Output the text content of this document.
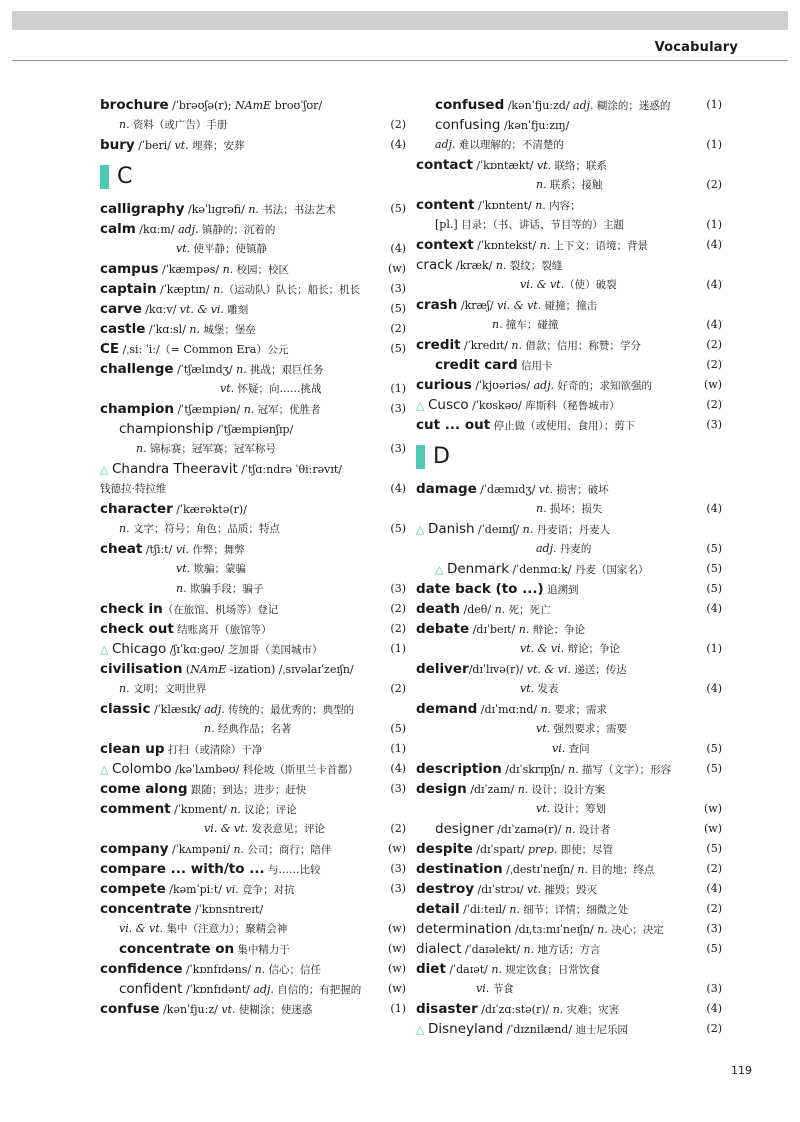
Vocabulary
brochure /ˈbrəʊʃə(r); NAmE broʊˈʃʊr/
n. 资料（或广告）手册	(2)
bury /ˈberi/ vt. 埋葬；安葬	(4)
C
calligraphy /kəˈlɪɡrəfi/ n. 书法；书法艺术	(5)
calm /kɑːm/ adj. 镇静的；沉着的
vt. 使平静；使镇静	(4)
campus /ˈkæmpəs/ n. 校园；校区	(w)
captain /ˈkæptɪn/ n.（运动队）队长；船长；机长	(3)
carve /kɑːv/ vt. & vi. 雕刻	(5)
castle /ˈkɑːsl/ n. 城堡；堡垒	(2)
CE /ˌsiː ˈiː/（= Common Era）公元	(5)
challenge /ˈtʃælɪndʒ/ n. 挑战；艰巨任务
vt. 怀疑；向……挑战	(1)
champion /ˈtʃæmpiən/ n. 冠军；优胜者	(3)
championship /ˈtʃæmpiənʃɪp/
n. 锦标赛；冠军赛；冠军称号	(3)
△ Chandra Theeravit /ˈtʃɑːndrə ˈθiːrəvɪt/
钱德拉·特拉维	(4)
character /ˈkærəktə(r)/
n. 文字；符号；角色；品质；特点	(5)
cheat /tʃiːt/ vi. 作弊；舞弊
vt. 欺骗；蒙骗
n. 欺骗手段；骗子	(3)
check in（在旅馆、机场等）登记	(2)
check out 结账离开（旅馆等）	(2)
△ Chicago /ʃɪˈkɑːɡəʊ/ 芝加哥（美国城市）	(1)
civilisation (NAmE -ization) /ˌsɪvəlaɪˈzeɪʃn/
n. 文明；文明世界	(2)
classic /ˈklæsɪk/ adj. 传统的；最优秀的；典型的
n. 经典作品；名著	(5)
clean up 打扫（或清除）干净	(1)
△ Colombo /kəˈlʌmbəʊ/ 科伦坡（斯里兰卡首都）	(4)
come along 跟随；到达；进步；赶快	(3)
comment /ˈkɒment/ n. 议论；评论
vi. & vt. 发表意见；评论	(2)
company /ˈkʌmpəni/ n. 公司；商行；陪伴	(w)
compare ... with/to ... 与……比较	(3)
compete /kəmˈpiːt/ vi. 竞争；对抗	(3)
concentrate /ˈkɒnsntreɪt/
vi. & vt. 集中（注意力）；聚精会神	(w)
concentrate on 集中精力于	(w)
confidence /ˈkɒnfɪdəns/ n. 信心；信任	(w)
confident /ˈkɒnfɪdənt/ adj. 自信的；有把握的 (w)
confuse /kənˈfjuːz/ vt. 使糊涂；使迷惑	(1)
confused /kənˈfjuːzd/ adj. 糊涂的；迷惑的	(1)
confusing /kənˈfjuːzɪŋ/
adj. 难以理解的；不清楚的	(1)
contact /ˈkɒntækt/ vt. 联络；联系
n. 联系；接触	(2)
content /ˈkɒntent/ n. 内容；
[pl.] 目录；（书、讲话、节目等的）主题	(1)
context /ˈkɒntekst/ n. 上下文；语境；背景	(4)
crack /kræk/ n. 裂纹；裂缝
vi. & vt.（使）破裂	(4)
crash /kræʃ/ vi. & vt. 碰撞；撞击
n. 撞车；碰撞	(4)
credit /ˈkredɪt/ n. 借款；信用；称赞；学分	(2)
credit card 信用卡	(2)
curious /ˈkjʊəriəs/ adj. 好奇的；求知欲强的	(w)
△ Cusco /ˈkʊskəʊ/ 库斯科（秘鲁城市）	(2)
cut ... out 停止做（或使用、食用）；剪下	(3)
D
damage /ˈdæmɪdʒ/ vt. 损害；破坏
n. 损坏；损失	(4)
△ Danish /ˈdeɪnɪʃ/ n. 丹麦语；丹麦人
adj. 丹麦的	(5)
△ Denmark /ˈdenmɑːk/ 丹麦（国家名）	(5)
date back (to ...) 追溯到	(5)
death /deθ/ n. 死；死亡	(4)
debate /dɪˈbeɪt/ n. 辩论；争论
vt. & vi. 辩论；争论	(1)
deliver/dɪˈlɪvə(r)/ vt. & vi. 递送；传达
vt. 发表	(4)
demand /dɪˈmɑːnd/ n. 要求；需求
vt. 强烈要求；需要
vi. 查问	(5)
description /dɪˈskrɪpʃn/ n. 描写（文字）；形容	(5)
design /dɪˈzaɪn/ n. 设计；设计方案
vt. 设计；筹划	(w)
designer /dɪˈzaɪnə(r)/ n. 设计者	(w)
despite /dɪˈspaɪt/ prep. 即使；尽管	(5)
destination /ˌdestɪˈneɪʃn/ n. 目的地；终点	(2)
destroy /dɪˈstrɔɪ/ vt. 摧毁；毁灭	(4)
detail /ˈdiːteɪl/ n. 细节；详情；细微之处	(2)
determination /dɪˌtɜːmɪˈneɪʃn/ n. 决心；决定	(3)
dialect /ˈdaɪəlekt/ n. 地方话；方言	(5)
diet /ˈdaɪət/ n. 规定饮食；日常饮食
vi. 节食	(3)
disaster /dɪˈzɑːstə(r)/ n. 灾难；灾害	(4)
△ Disneyland /ˈdɪznilænd/ 迪士尼乐园	(2)
119
